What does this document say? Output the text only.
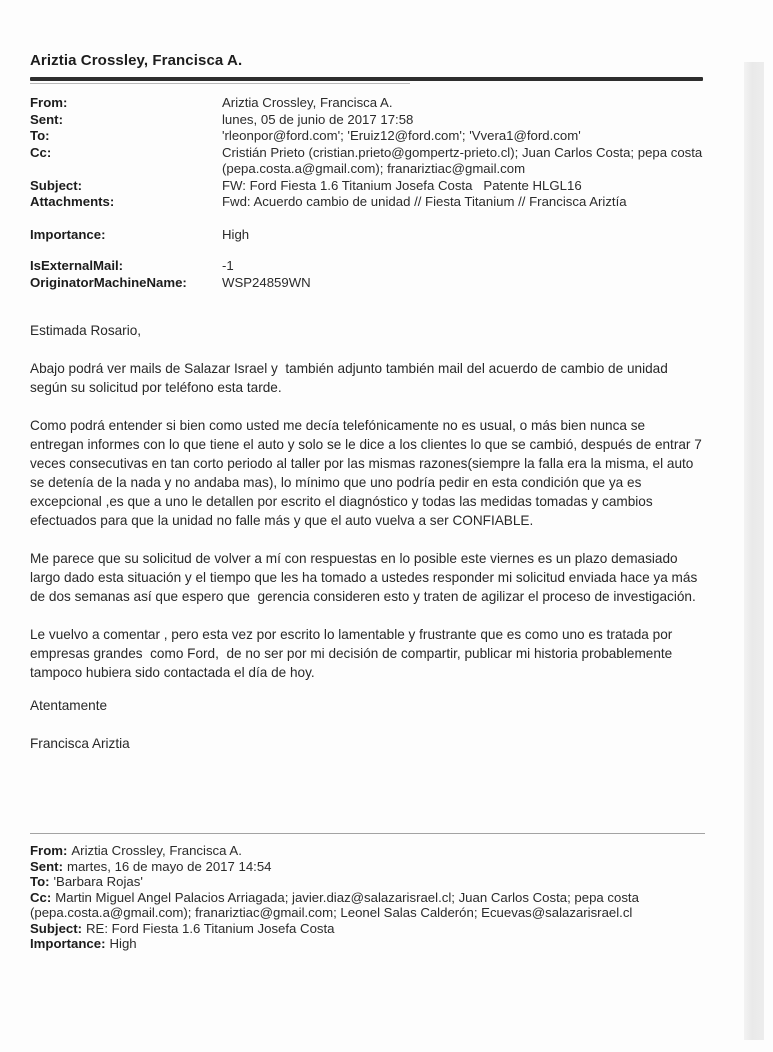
Ariztia Crossley, Francisca A.
From:	Ariztia Crossley, Francisca A.
Sent:	lunes, 05 de junio de 2017 17:58
To:	'rleonpor@ford.com'; 'Eruiz12@ford.com'; 'Vvera1@ford.com'
Cc:	Cristián Prieto (cristian.prieto@gompertz-prieto.cl); Juan Carlos Costa; pepa costa (pepa.costa.a@gmail.com); franariztiac@gmail.com
Subject:	FW: Ford Fiesta 1.6 Titanium Josefa Costa   Patente HLGL16
Attachments:	Fwd: Acuerdo cambio de unidad // Fiesta Titanium // Francisca Ariztía
Importance:	High
IsExternalMail:	-1
OriginatorMachineName:	WSP24859WN

Estimada Rosario,

Abajo podrá ver mails de Salazar Israel y  también adjunto también mail del acuerdo de cambio de unidad según su solicitud por teléfono esta tarde.

Como podrá entender si bien como usted me decía telefónicamente no es usual, o más bien nunca se entregan informes con lo que tiene el auto y solo se le dice a los clientes lo que se cambió, después de entrar 7 veces consecutivas en tan corto periodo al taller por las mismas razones(siempre la falla era la misma, el auto se detenía de la nada y no andaba mas), lo mínimo que uno podría pedir en esta condición que ya es excepcional ,es que a uno le detallen por escrito el diagnóstico y todas las medidas tomadas y cambios efectuados para que la unidad no falle más y que el auto vuelva a ser CONFIABLE.

Me parece que su solicitud de volver a mí con respuestas en lo posible este viernes es un plazo demasiado largo dado esta situación y el tiempo que les ha tomado a ustedes responder mi solicitud enviada hace ya más de dos semanas así que espero que  gerencia consideren esto y traten de agilizar el proceso de investigación.

Le vuelvo a comentar , pero esta vez por escrito lo lamentable y frustrante que es como uno es tratada por empresas grandes  como Ford,  de no ser por mi decisión de compartir, publicar mi historia probablemente tampoco hubiera sido contactada el día de hoy.

Atentamente

Francisca Ariztia

From: Ariztia Crossley, Francisca A.

Sent: martes, 16 de mayo de 2017 14:54

To: 'Barbara Rojas'

Cc: Martin Miguel Angel Palacios Arriagada; javier.diaz@salazarisrael.cl; Juan Carlos Costa; pepa costa (pepa.costa.a@gmail.com); franariztiac@gmail.com; Leonel Salas Calderón; Ecuevas@salazarisrael.cl

Subject: RE: Ford Fiesta 1.6 Titanium Josefa Costa

Importance: High
